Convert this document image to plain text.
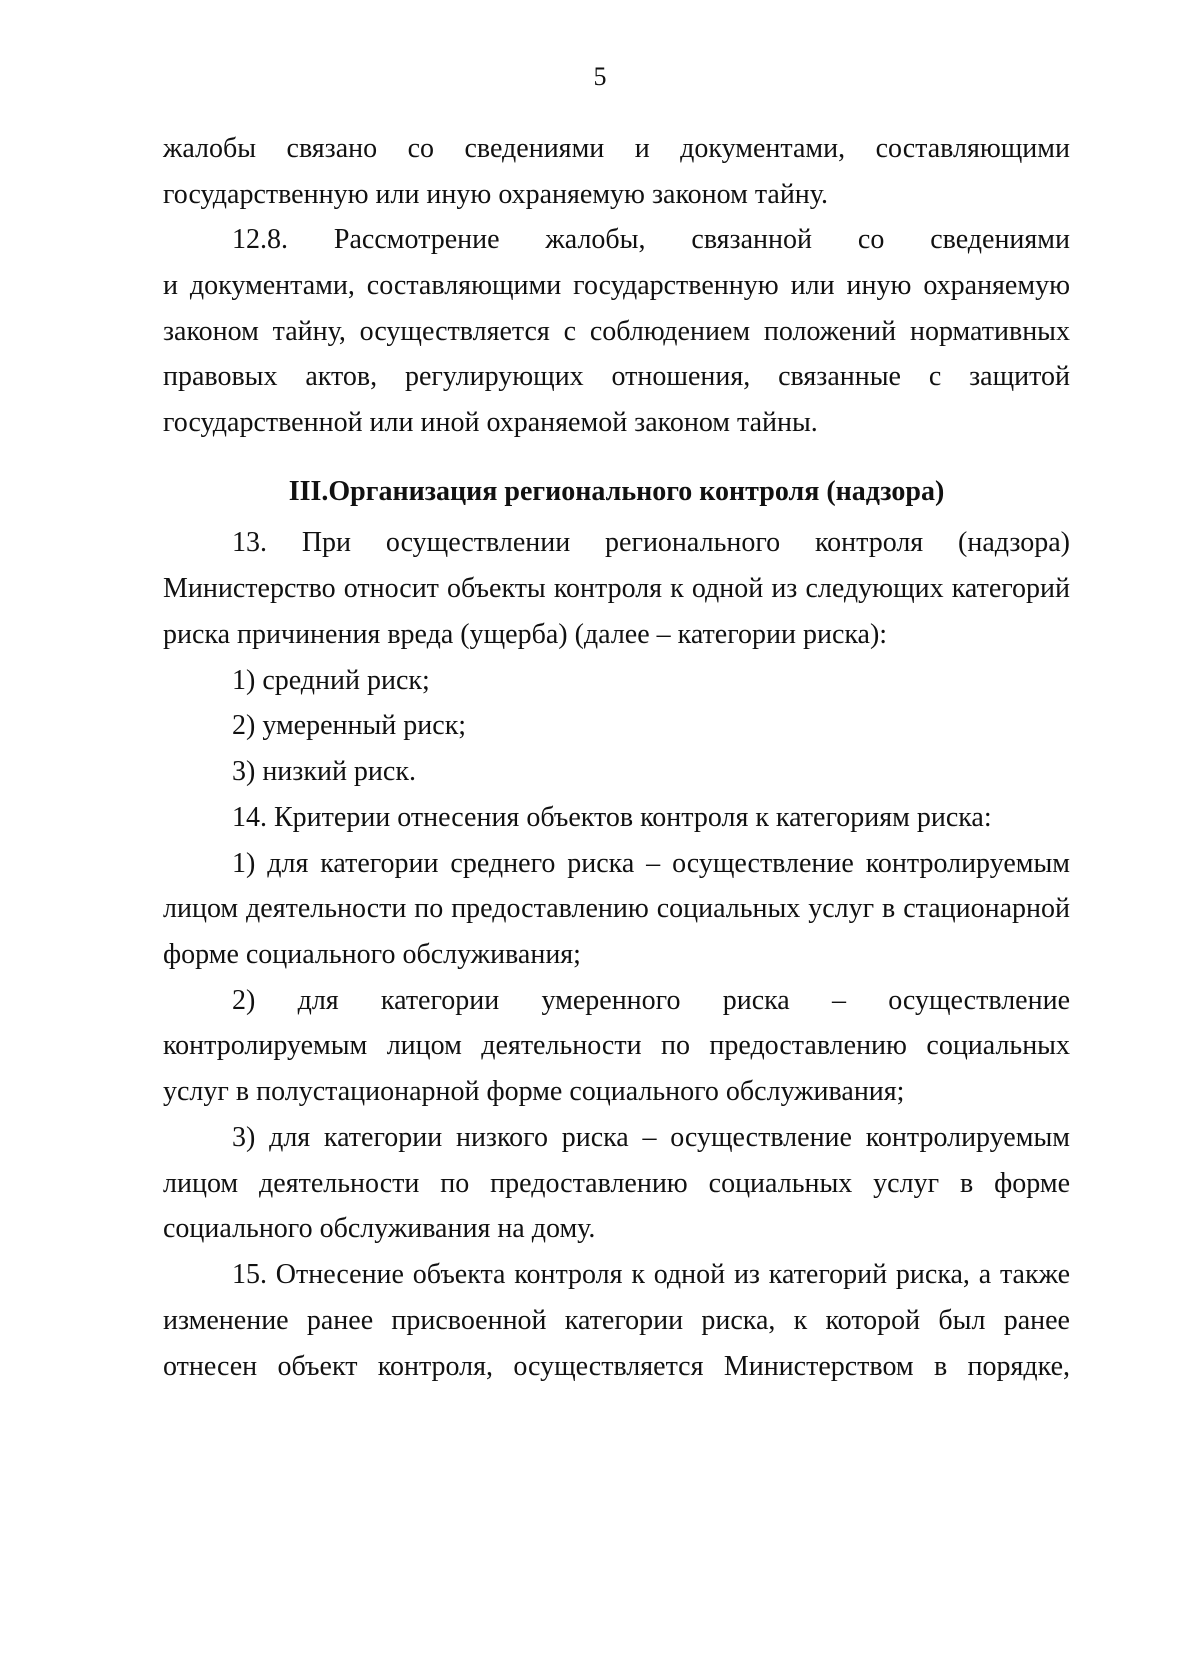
5
жалобы связано со сведениями и документами, составляющими
государственную или иную охраняемую законом тайну.
12.8. Рассмотрение жалобы, связанной со сведениями
и документами, составляющими государственную или иную охраняемую
законом тайну, осуществляется с соблюдением положений нормативных
правовых актов, регулирующих отношения, связанные с защитой
государственной или иной охраняемой законом тайны.
III.Организация регионального контроля (надзора)
13. При осуществлении регионального контроля (надзора)
Министерство относит объекты контроля к одной из следующих категорий
риска причинения вреда (ущерба) (далее – категории риска):
1) средний риск;
2) умеренный риск;
3) низкий риск.
14. Критерии отнесения объектов контроля к категориям риска:
1) для категории среднего риска – осуществление контролируемым
лицом деятельности по предоставлению социальных услуг в стационарной
форме социального обслуживания;
2) для категории умеренного риска – осуществление
контролируемым лицом деятельности по предоставлению социальных
услуг в полустационарной форме социального обслуживания;
3) для категории низкого риска – осуществление контролируемым
лицом деятельности по предоставлению социальных услуг в форме
социального обслуживания на дому.
15. Отнесение объекта контроля к одной из категорий риска, а также
изменение ранее присвоенной категории риска, к которой был ранее
отнесен объект контроля, осуществляется Министерством в порядке,
